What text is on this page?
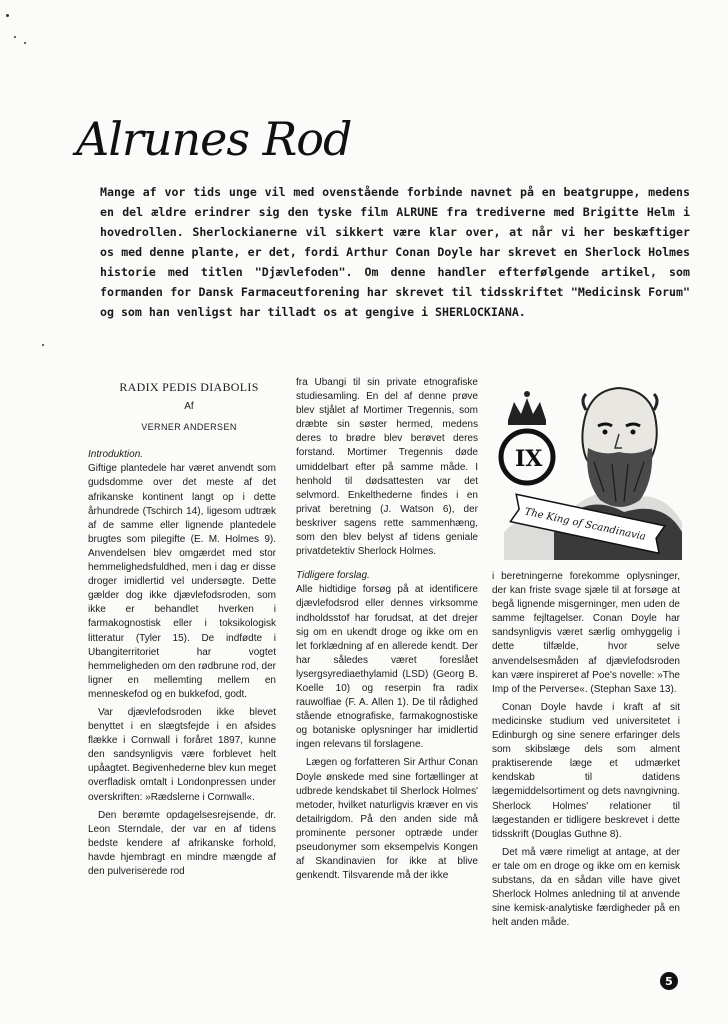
Alrunes Rod

Mange af vor tids unge vil med ovenstående forbinde navnet på en beatgruppe, medens en del ældre erindrer sig den tyske film ALRUNE fra trediverne med Brigitte Helm i hovedrollen. Sherlockianerne vil sikkert være klar over, at når vi her beskæftiger os med denne plante, er det, fordi Arthur Conan Doyle har skrevet en Sherlock Holmes historie med titlen "Djævlefoden". Om denne handler efterfølgende artikel, som formanden for Dansk Farmaceutforening har skrevet til tidsskriftet "Medicinsk Forum" og som han venligst har tilladt os at gengive i SHERLOCKIANA.

RADIX PEDIS DIABOLIS
Af
VERNER ANDERSEN

Introduktion.

Giftige plantedele har været anvendt som gudsdomme over det meste af det afrikanske kontinent langt op i dette århundrede (Tschirch 14), ligesom udtræk af de samme eller lignende plantedele brugtes som pilegifte (E. M. Holmes 9). Anvendelsen blev omgærdet med stor hemmelighedsfuldhed, men i dag er disse droger imidlertid vel undersøgte. Dette gælder dog ikke djævlefodsroden, som ikke er behandlet hverken i farmakognostisk eller i toksikologisk litteratur (Tyler 15). De indfødte i Ubangiterritoriet har vogtet hemmeligheden om den rødbrune rod, der ligner en mellemting mellem en menneskefod og en bukkefod, godt.

Var djævlefodsroden ikke blevet benyttet i en slægtsfejde i en afsides flække i Cornwall i foråret 1897, kunne den sandsynligvis være forblevet helt upåagtet. Begivenhederne blev kun meget overfladisk omtalt i Londonpressen under overskriften: »Rædslerne i Cornwall«.

Den berømte opdagelsesrejsende, dr. Leon Sterndale, der var en af tidens bedste kendere af afrikanske forhold, havde hjembragt en mindre mængde af den pulveriserede rod

fra Ubangi til sin private etnografiske studiesamling. En del af denne prøve blev stjålet af Mortimer Tregennis, som dræbte sin søster hermed, medens deres to brødre blev berøvet deres forstand. Mortimer Tregennis døde umiddelbart efter på samme måde. I henhold til dødsattesten var det selvmord. Enkelthederne findes i en privat beretning (J. Watson 6), der beskriver sagens rette sammenhæng, som den blev belyst af tidens geniale privatdetektiv Sherlock Holmes.

Tidligere forslag.

Alle hidtidige forsøg på at identificere djævlefodsrod eller dennes virksomme indholdsstof har forudsat, at det drejer sig om en ukendt droge og ikke om en let forklædning af en allerede kendt. Der har således været foreslået lysergsyrediaethylamid (LSD) (Georg B. Koelle 10) og reserpin fra radix rauwolfiae (F. A. Allen 1). De til rådighed stående etnografiske, farmakognostiske og botaniske oplysninger har imidlertid ingen relevans til forslagene.

Lægen og forfatteren Sir Arthur Conan Doyle ønskede med sine fortællinger at udbrede kendskabet til Sherlock Holmes' metoder, hvilket naturligvis kræver en vis detailrigdom. På den anden side må prominente personer optræde under pseudonymer som eksempelvis Kongen af Skandinavien for ikke at blive genkendt. Tilsvarende må der ikke

IX
The King of Scandinavia

i beretningerne forekomme oplysninger, der kan friste svage sjæle til at forsøge at begå lignende misgerninger, men uden de samme fejltagelser. Conan Doyle har sandsynligvis været særlig omhyggelig i dette tilfælde, hvor selve anvendelsesmåden af djævlefodsroden kan være inspireret af Poe's novelle: »The Imp of the Perverse«. (Stephan Saxe 13).

Conan Doyle havde i kraft af sit medicinske studium ved universitetet i Edinburgh og sine senere erfaringer dels som skibslæge dels som alment praktiserende læge et udmærket kendskab til datidens lægemiddelsortiment og dets navngivning. Sherlock Holmes' relationer til lægestanden er tidligere beskrevet i dette tidsskrift (Douglas Guthne 8).

Det må være rimeligt at antage, at der er tale om en droge og ikke om en kemisk substans, da en sådan ville have givet Sherlock Holmes anledning til at anvende sine kemisk-analytiske færdigheder på en helt anden måde.

5
